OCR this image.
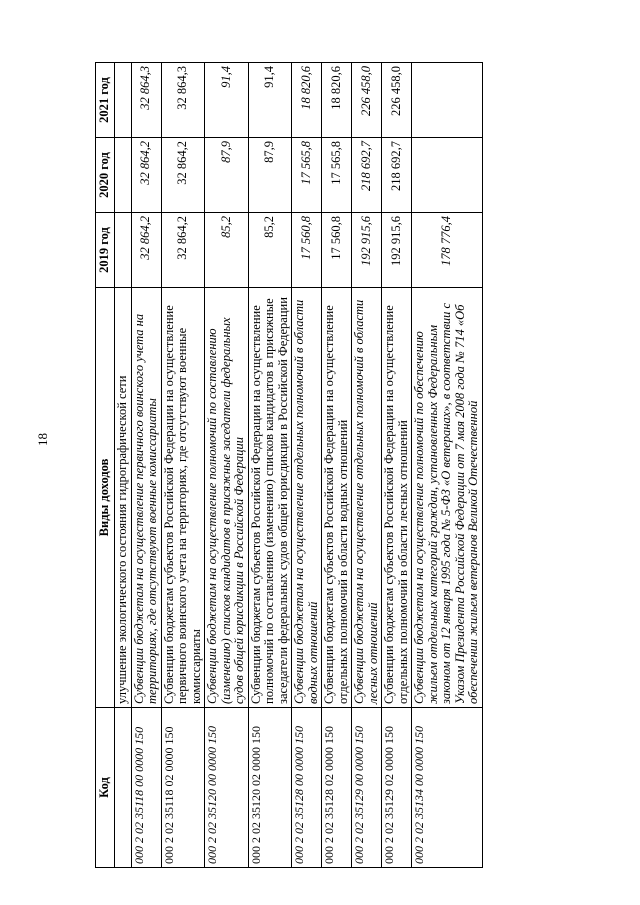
18
Код	Виды доходов	2019 год	2020 год	2021 год
	улучшение экологического состояния гидрографической сети			
000 2 02 35118 00 0000 150	Субвенции бюджетам на осуществление первичного воинского учета на территориях, где отсутствуют военные комиссариаты	32 864,2	32 864,2	32 864,3
000 2 02 35118 02 0000 150	Субвенции бюджетам субъектов Российской Федерации на осуществление первичного воинского учета на территориях, где отсутствуют военные комиссариаты	32 864,2	32 864,2	32 864,3
000 2 02 35120 00 0000 150	Субвенции бюджетам на осуществление полномочий по составлению (изменению) списков кандидатов в присяжные заседатели федеральных судов общей юрисдикции в Российской Федерации	85,2	87,9	91,4
000 2 02 35120 02 0000 150	Субвенции бюджетам субъектов Российской Федерации на осуществление полномочий по составлению (изменению) списков кандидатов в присяжные заседатели федеральных судов общей юрисдикции в Российской Федерации	85,2	87,9	91,4
000 2 02 35128 00 0000 150	Субвенции бюджетам на осуществление отдельных полномочий в области водных отношений	17 560,8	17 565,8	18 820,6
000 2 02 35128 02 0000 150	Субвенции бюджетам субъектов Российской Федерации на осуществление отдельных полномочий в области водных отношений	17 560,8	17 565,8	18 820,6
000 2 02 35129 00 0000 150	Субвенции бюджетам на осуществление отдельных полномочий в области лесных отношений	192 915,6	218 692,7	226 458,0
000 2 02 35129 02 0000 150	Субвенции бюджетам субъектов Российской Федерации на осуществление отдельных полномочий в области лесных отношений	192 915,6	218 692,7	226 458,0
000 2 02 35134 00 0000 150	Субвенции бюджетам на осуществление полномочий по обеспечению жильем отдельных категорий граждан, установленных Федеральным законом от 12 января 1995 года № 5-ФЗ «О ветеранах», в соответствии с Указом Президента Российской Федерации от 7 мая 2008 года № 714 «Об обеспечении жильем ветеранов Великой Отечественной	178 776,4		
